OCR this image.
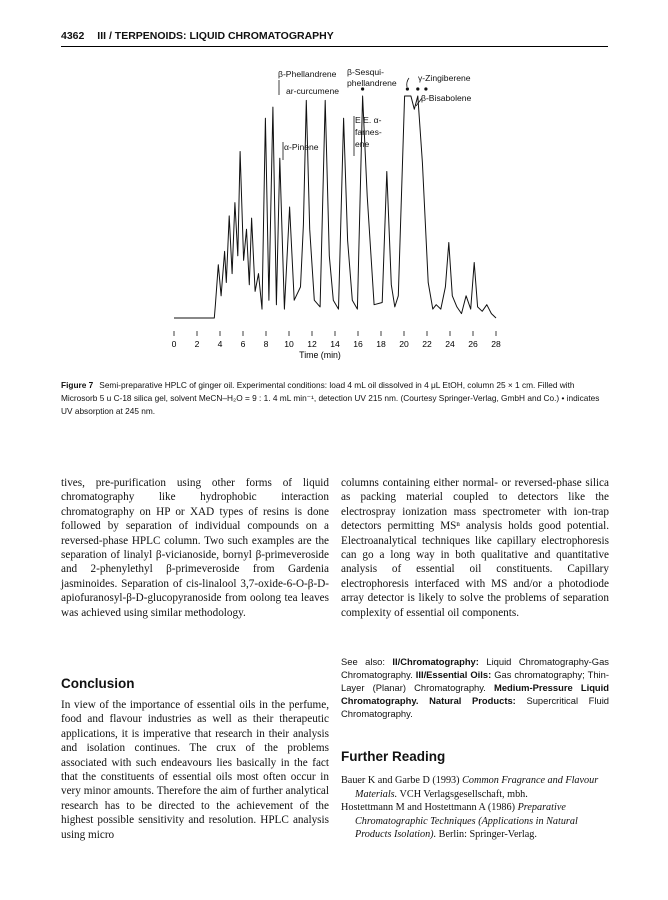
4362 III / TERPENOIDS: LIQUID CHROMATOGRAPHY
0 2 4 6 8 10 12 14 16 18 20 22 24 26 28
β-Phellandrene β-Sesqui-
phellandrene γ-Zingiberene
ar-curcumene
β-Bisabolene
E.E. α-
farnes-
ene
α-Pinene
Time (min)
Figure 7 Semi-preparative HPLC of ginger oil. Experimental conditions: load 4 mL oil dissolved in 4 μL EtOH, column 25 × 1 cm. Filled with Microsorb 5 u C-18 silica gel, solvent MeCN–H₂O = 9 : 1. 4 mL min⁻¹, detection UV 215 nm. (Courtesy Springer-Verlag, GmbH and Co.) • indicates UV absorption at 245 nm.
tives, pre-purification using other forms of liquid chromatography like hydrophobic interaction chromatography on HP or XAD types of resins is done followed by separation of individual compounds on a reversed-phase HPLC column. Two such examples are the separation of linalyl β-vicianoside, bornyl β-primeveroside and 2-phenylethyl β-primeveroside from Gardenia jasminoides. Separation of cis-linalool 3,7-oxide-6-O-β-D-apiofuranosyl-β-D-glucopyranoside from oolong tea leaves was achieved using similar methodology.
columns containing either normal- or reversed-phase silica as packing material coupled to detectors like the electrospray ionization mass spectrometer with ion-trap detectors permitting MSⁿ analysis holds good potential. Electroanalytical techniques like capillary electrophoresis can go a long way in both qualitative and quantitative analysis of essential oil constituents. Capillary electrophoresis interfaced with MS and/or a photodiode array detector is likely to solve the problems of separation complexity of essential oil components.
Conclusion
In view of the importance of essential oils in the perfume, food and flavour industries as well as their therapeutic applications, it is imperative that research in their analysis and isolation continues. The crux of the problems associated with such endeavours lies basically in the fact that the constituents of essential oils most often occur in very minor amounts. Therefore the aim of further analytical research has to be directed to the achievement of the highest possible sensitivity and resolution. HPLC analysis using micro
See also: II/Chromatography: Liquid Chromatography-Gas Chromatography. III/Essential Oils: Gas chromatography; Thin-Layer (Planar) Chromatography. Medium-Pressure Liquid Chromatography. Natural Products: Supercritical Fluid Chromatography.
Further Reading
Bauer K and Garbe D (1993) Common Fragrance and Flavour Materials. VCH Verlagsgesellschaft, mbh.
Hostettmann M and Hostettmann A (1986) Preparative Chromatographic Techniques (Applications in Natural Products Isolation). Berlin: Springer-Verlag.
